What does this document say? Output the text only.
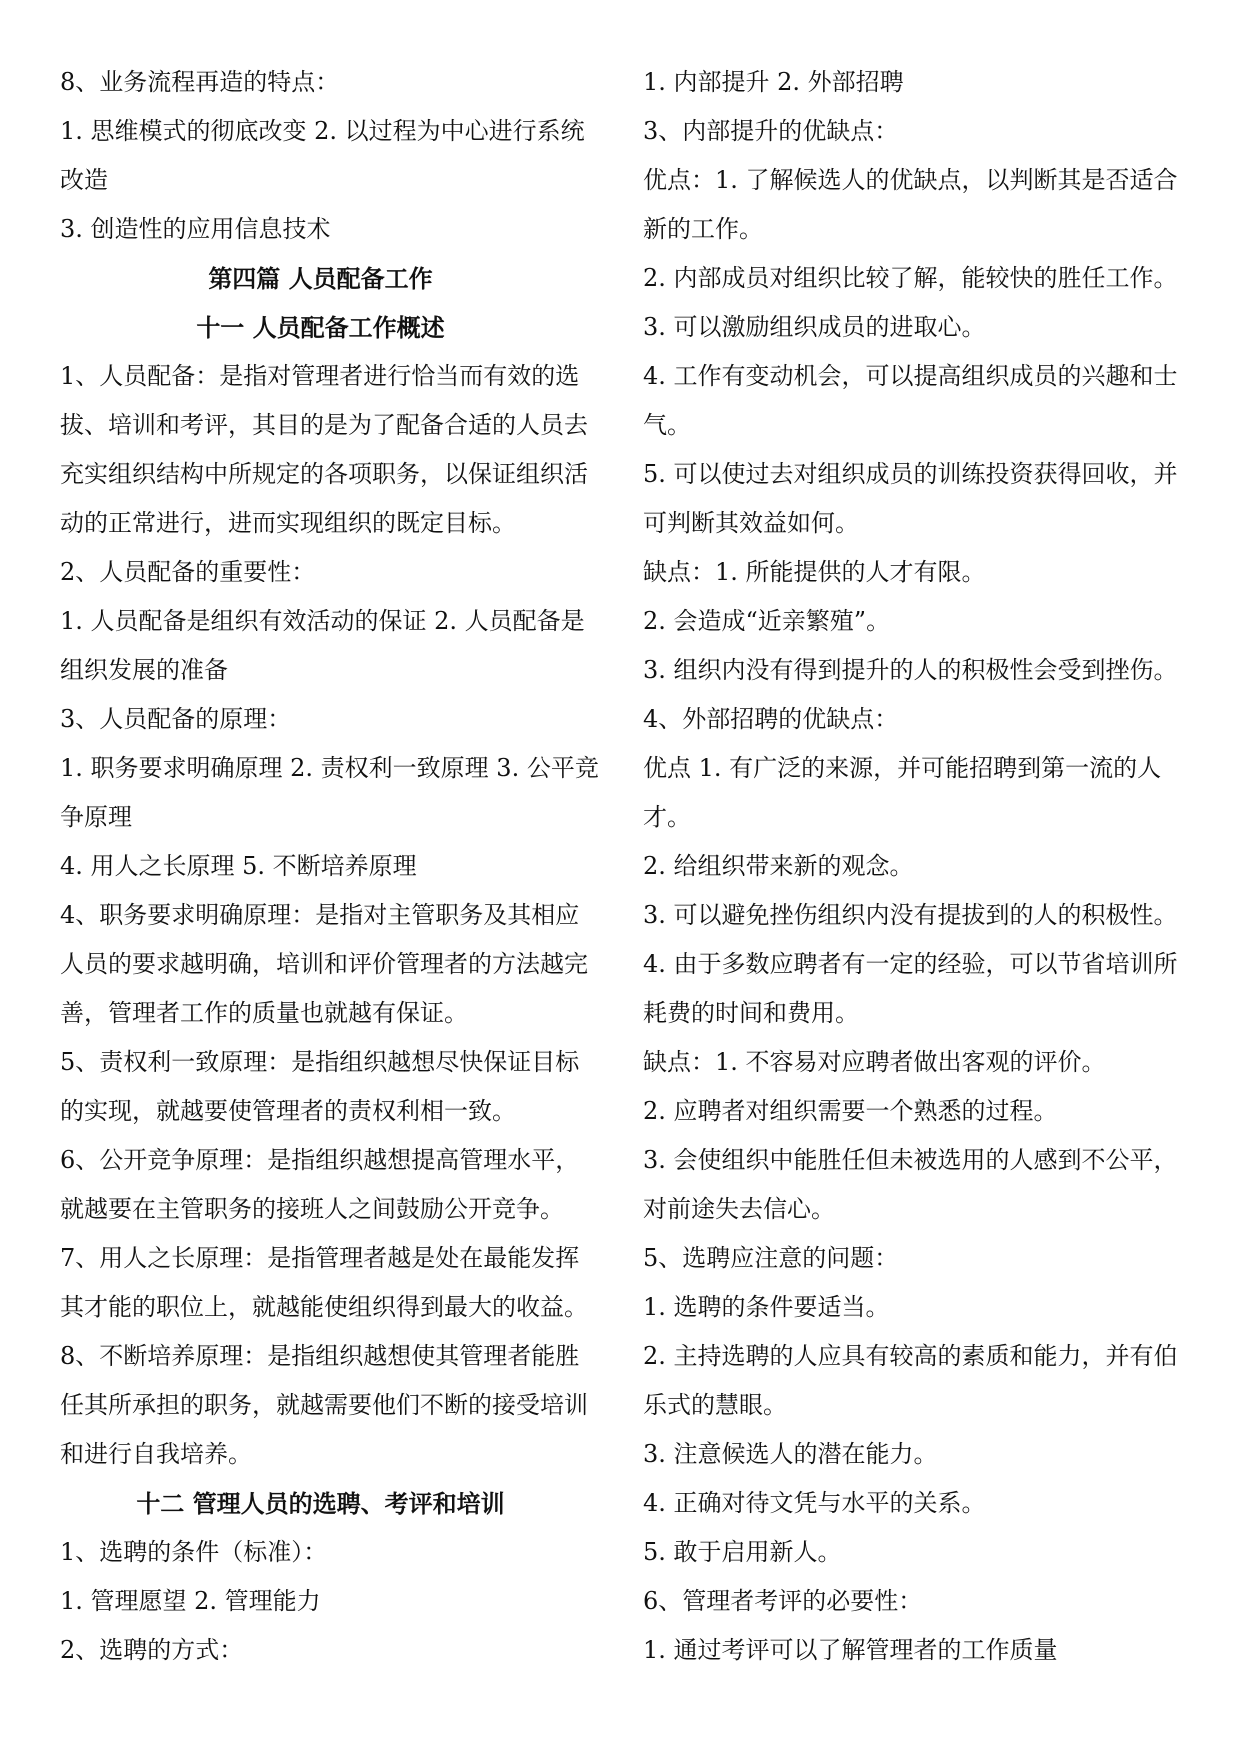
8、业务流程再造的特点：

1. 思维模式的彻底改变 2. 以过程为中心进行系统

改造

3. 创造性的应用信息技术

第四篇 人员配备工作

十一 人员配备工作概述

1、人员配备：是指对管理者进行恰当而有效的选

拔、培训和考评，其目的是为了配备合适的人员去

充实组织结构中所规定的各项职务，以保证组织活

动的正常进行，进而实现组织的既定目标。

2、人员配备的重要性：

1. 人员配备是组织有效活动的保证 2. 人员配备是

组织发展的准备

3、人员配备的原理：

1. 职务要求明确原理 2. 责权利一致原理 3. 公平竞

争原理

4. 用人之长原理 5. 不断培养原理

4、职务要求明确原理：是指对主管职务及其相应

人员的要求越明确，培训和评价管理者的方法越完

善，管理者工作的质量也就越有保证。

5、责权利一致原理：是指组织越想尽快保证目标

的实现，就越要使管理者的责权利相一致。

6、公开竞争原理：是指组织越想提高管理水平，

就越要在主管职务的接班人之间鼓励公开竞争。

7、用人之长原理：是指管理者越是处在最能发挥

其才能的职位上，就越能使组织得到最大的收益。

8、不断培养原理：是指组织越想使其管理者能胜

任其所承担的职务，就越需要他们不断的接受培训

和进行自我培养。

十二 管理人员的选聘、考评和培训

1、选聘的条件（标准）：

1. 管理愿望 2. 管理能力

2、选聘的方式：

1. 内部提升 2. 外部招聘

3、内部提升的优缺点：

优点：1. 了解候选人的优缺点，以判断其是否适合

新的工作。

2. 内部成员对组织比较了解，能较快的胜任工作。

3. 可以激励组织成员的进取心。

4. 工作有变动机会，可以提高组织成员的兴趣和士

气。

5. 可以使过去对组织成员的训练投资获得回收，并

可判断其效益如何。

缺点：1. 所能提供的人才有限。

2. 会造成“近亲繁殖”。

3. 组织内没有得到提升的人的积极性会受到挫伤。

4、外部招聘的优缺点：

优点 1. 有广泛的来源，并可能招聘到第一流的人

才。

2. 给组织带来新的观念。

3. 可以避免挫伤组织内没有提拔到的人的积极性。

4. 由于多数应聘者有一定的经验，可以节省培训所

耗费的时间和费用。

缺点：1. 不容易对应聘者做出客观的评价。

2. 应聘者对组织需要一个熟悉的过程。

3. 会使组织中能胜任但未被选用的人感到不公平，

对前途失去信心。

5、选聘应注意的问题：

1. 选聘的条件要适当。

2. 主持选聘的人应具有较高的素质和能力，并有伯

乐式的慧眼。

3. 注意候选人的潜在能力。

4. 正确对待文凭与水平的关系。

5. 敢于启用新人。

6、管理者考评的必要性：

1. 通过考评可以了解管理者的工作质量
